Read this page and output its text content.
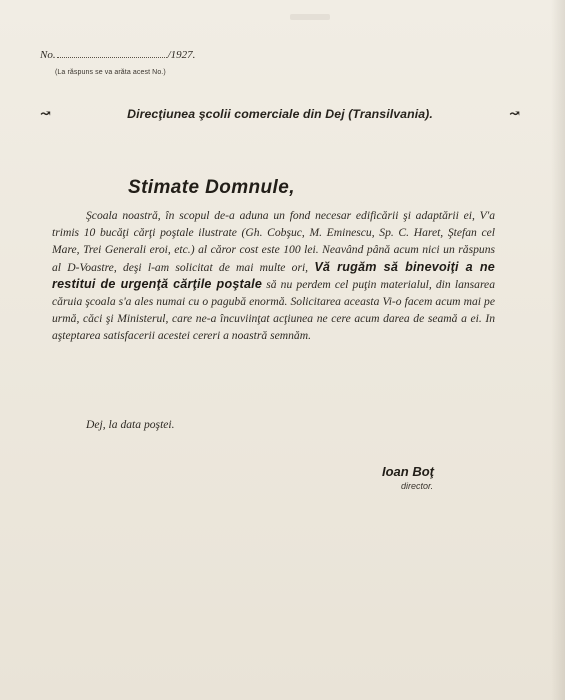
No.	/1927.
(La răspuns se va arăta acest No.)
↝	Direcţiunea şcolii comerciale din Dej (Transilvania).	↝
Stimate Domnule,

Şcoala noastră, în scopul de-a aduna un fond necesar edificării şi adaptării ei, V'a trimis 10 bucăţi cărţi poştale ilustrate (Gh. Cobşuc, M. Eminescu, Sp. C. Haret, Ştefan cel Mare, Trei Generali eroi, etc.) al căror cost este 100 lei. Neavând până acum nici un răspuns al D-Voastre, deşi l-am solicitat de mai multe ori, Vă rugăm să binevoiţi a ne restitui de urgenţă cărţile poştale să nu perdem cel puţin materialul, din lansarea căruia şcoala s'a ales numai cu o pagubă enormă. Solicitarea aceasta Vi-o facem acum mai pe urmă, căci şi Ministerul, care ne-a încuviinţat acţiunea ne cere acum darea de seamă a ei. In aşteptarea satisfacerii acestei cereri a noastră semnăm.

Dej, la data poştei.
Ioan Boţ
director.
